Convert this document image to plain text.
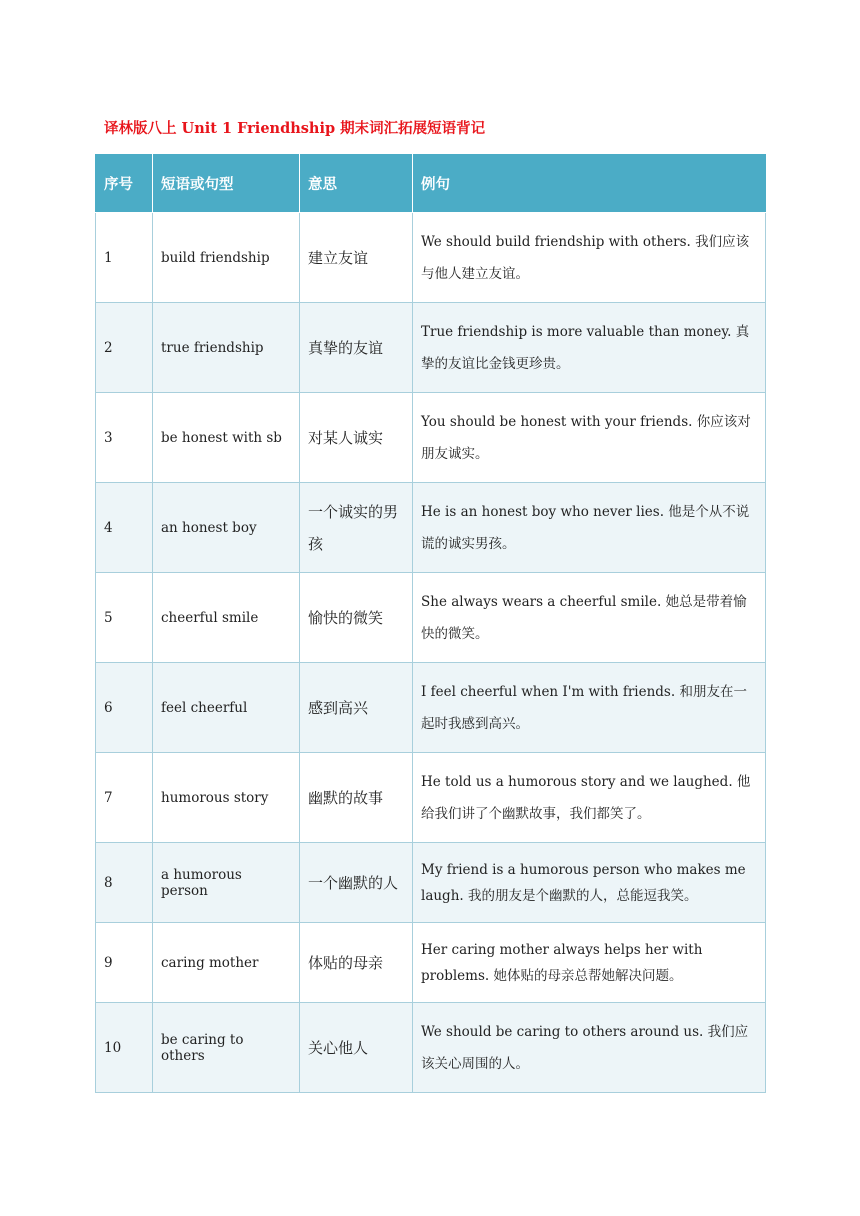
译林版八上 Unit 1 Friendhship 期末词汇拓展短语背记
序号	短语或句型	意思	例句
1	build friendship	建立友谊	We should build friendship with others. 我们应该与他人建立友谊。
2	true friendship	真挚的友谊	True friendship is more valuable than money. 真挚的友谊比金钱更珍贵。
3	be honest with sb	对某人诚实	You should be honest with your friends. 你应该对朋友诚实。
4	an honest boy	一个诚实的男孩	He is an honest boy who never lies. 他是个从不说谎的诚实男孩。
5	cheerful smile	愉快的微笑	She always wears a cheerful smile. 她总是带着愉快的微笑。
6	feel cheerful	感到高兴	I feel cheerful when I'm with friends. 和朋友在一起时我感到高兴。
7	humorous story	幽默的故事	He told us a humorous story and we laughed. 他给我们讲了个幽默故事，我们都笑了。
8	a humorous person	一个幽默的人	My friend is a humorous person who makes me laugh. 我的朋友是个幽默的人，总能逗我笑。
9	caring mother	体贴的母亲	Her caring mother always helps her with problems. 她体贴的母亲总帮她解决问题。
10	be caring to others	关心他人	We should be caring to others around us. 我们应该关心周围的人。
